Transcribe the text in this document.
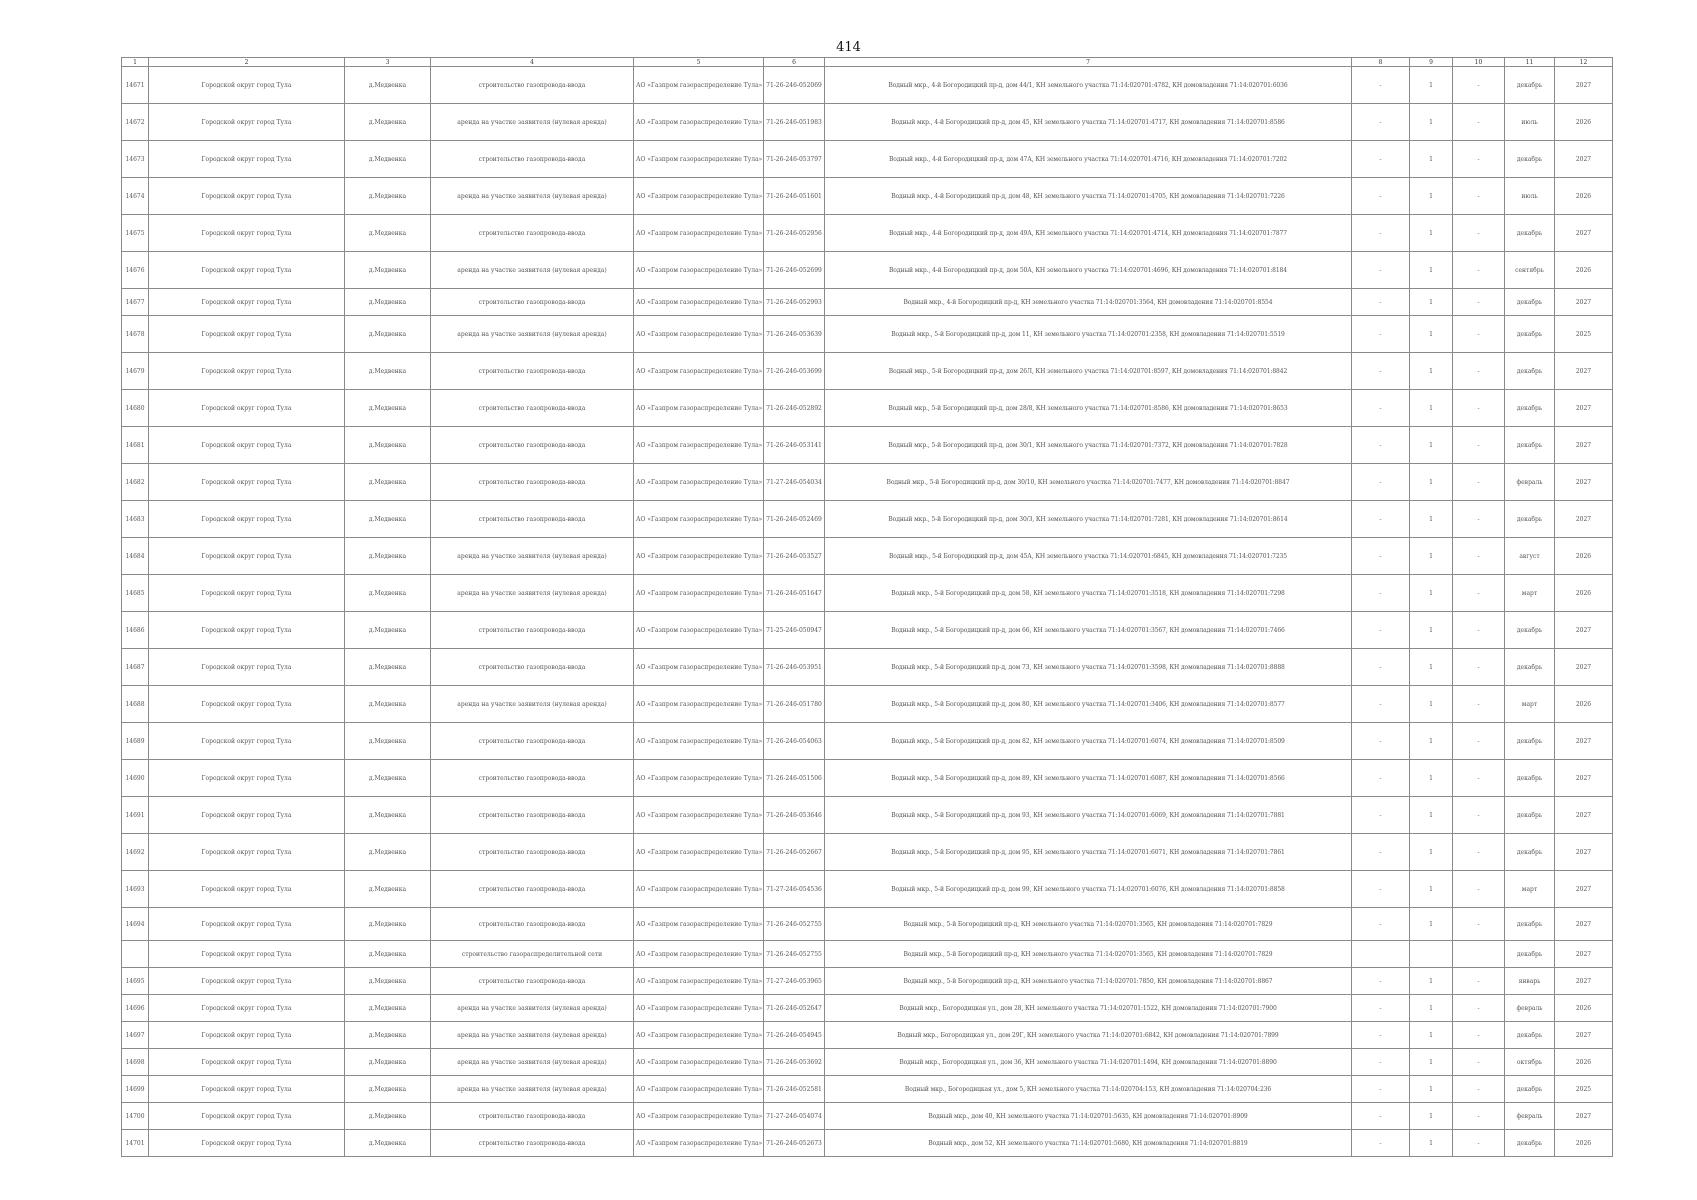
414
1	2	3	4	5	6	7	8	9	10	11	12
14671	Городской округ город Тула	д.Медвенка	строительство газопровода-ввода	АО «Газпром газораспределение Тула»	71-26-246-052069	Водный мкр., 4-й Богородицкий пр-д, дом 44/1, КН земельного участка 71:14:020701:4782, КН домовладения 71:14:020701:6036	-	1	-	декабрь	2027
14672	Городской округ город Тула	д.Медвенка	аренда на участке заявителя (нулевая аренда)	АО «Газпром газораспределение Тула»	71-26-246-051983	Водный мкр., 4-й Богородицкий пр-д, дом 45, КН земельного участка 71:14:020701:4717, КН домовладения 71:14:020701:8586	-	1	-	июль	2026
14673	Городской округ город Тула	д.Медвенка	строительство газопровода-ввода	АО «Газпром газораспределение Тула»	71-26-246-053797	Водный мкр., 4-й Богородицкий пр-д, дом 47А, КН земельного участка 71:14:020701:4716, КН домовладения 71:14:020701:7202	-	1	-	декабрь	2027
14674	Городской округ город Тула	д.Медвенка	аренда на участке заявителя (нулевая аренда)	АО «Газпром газораспределение Тула»	71-26-246-051601	Водный мкр., 4-й Богородицкий пр-д, дом 48, КН земельного участка 71:14:020701:4705, КН домовладения 71:14:020701:7226	-	1	-	июль	2026
14675	Городской округ город Тула	д.Медвенка	строительство газопровода-ввода	АО «Газпром газораспределение Тула»	71-26-246-052956	Водный мкр., 4-й Богородицкий пр-д, дом 49А, КН земельного участка 71:14:020701:4714, КН домовладения 71:14:020701:7877	-	1	-	декабрь	2027
14676	Городской округ город Тула	д.Медвенка	аренда на участке заявителя (нулевая аренда)	АО «Газпром газораспределение Тула»	71-26-246-052699	Водный мкр., 4-й Богородицкий пр-д, дом 50А, КН земельного участка 71:14:020701:4696, КН домовладения 71:14:020701:8184	-	1	-	сентябрь	2026
14677	Городской округ город Тула	д.Медвенка	строительство газопровода-ввода	АО «Газпром газораспределение Тула»	71-26-246-052993	Водный мкр., 4-й Богородицкий пр-д, КН земельного участка 71:14:020701:3564, КН домовладения 71:14:020701:8554	-	1	-	декабрь	2027
14678	Городской округ город Тула	д.Медвенка	аренда на участке заявителя (нулевая аренда)	АО «Газпром газораспределение Тула»	71-26-246-053639	Водный мкр., 5-й Богородицкий пр-д, дом 11, КН земельного участка 71:14:020701:2358, КН домовладения 71:14:020701:5519	-	1	-	декабрь	2025
14679	Городской округ город Тула	д.Медвенка	строительство газопровода-ввода	АО «Газпром газораспределение Тула»	71-26-246-053699	Водный мкр., 5-й Богородицкий пр-д, дом 26Л, КН земельного участка 71:14:020701:8597, КН домовладения 71:14:020701:8842	-	1	-	декабрь	2027
14680	Городской округ город Тула	д.Медвенка	строительство газопровода-ввода	АО «Газпром газораспределение Тула»	71-26-246-052892	Водный мкр., 5-й Богородицкий пр-д, дом 28/8, КН земельного участка 71:14:020701:8586, КН домовладения 71:14:020701:8653	-	1	-	декабрь	2027
14681	Городской округ город Тула	д.Медвенка	строительство газопровода-ввода	АО «Газпром газораспределение Тула»	71-26-246-053141	Водный мкр., 5-й Богородицкий пр-д, дом 30/1, КН земельного участка 71:14:020701:7372, КН домовладения 71:14:020701:7828	-	1	-	декабрь	2027
14682	Городской округ город Тула	д.Медвенка	строительство газопровода-ввода	АО «Газпром газораспределение Тула»	71-27-246-054034	Водный мкр., 5-й Богородицкий пр-д, дом 30/10, КН земельного участка 71:14:020701:7477, КН домовладения 71:14:020701:8847	-	1	-	февраль	2027
14683	Городской округ город Тула	д.Медвенка	строительство газопровода-ввода	АО «Газпром газораспределение Тула»	71-26-246-052469	Водный мкр., 5-й Богородицкий пр-д, дом 30/3, КН земельного участка 71:14:020701:7281, КН домовладения 71:14:020701:8614	-	1	-	декабрь	2027
14684	Городской округ город Тула	д.Медвенка	аренда на участке заявителя (нулевая аренда)	АО «Газпром газораспределение Тула»	71-26-246-053527	Водный мкр., 5-й Богородицкий пр-д, дом 45А, КН земельного участка 71:14:020701:6845, КН домовладения 71:14:020701:7235	-	1	-	август	2026
14685	Городской округ город Тула	д.Медвенка	аренда на участке заявителя (нулевая аренда)	АО «Газпром газораспределение Тула»	71-26-246-051647	Водный мкр., 5-й Богородицкий пр-д, дом 58, КН земельного участка 71:14:020701:3518, КН домовладения 71:14:020701:7298	-	1	-	март	2026
14686	Городской округ город Тула	д.Медвенка	строительство газопровода-ввода	АО «Газпром газораспределение Тула»	71-25-246-050947	Водный мкр., 5-й Богородицкий пр-д, дом 66, КН земельного участка 71:14:020701:3567, КН домовладения 71:14:020701:7466	-	1	-	декабрь	2027
14687	Городской округ город Тула	д.Медвенка	строительство газопровода-ввода	АО «Газпром газораспределение Тула»	71-26-246-053951	Водный мкр., 5-й Богородицкий пр-д, дом 73, КН земельного участка 71:14:020701:3598, КН домовладения 71:14:020701:8888	-	1	-	декабрь	2027
14688	Городской округ город Тула	д.Медвенка	аренда на участке заявителя (нулевая аренда)	АО «Газпром газораспределение Тула»	71-26-246-051780	Водный мкр., 5-й Богородицкий пр-д, дом 80, КН земельного участка 71:14:020701:3406, КН домовладения 71:14:020701:8577	-	1	-	март	2026
14689	Городской округ город Тула	д.Медвенка	строительство газопровода-ввода	АО «Газпром газораспределение Тула»	71-26-246-054063	Водный мкр., 5-й Богородицкий пр-д, дом 82, КН земельного участка 71:14:020701:6074, КН домовладения 71:14:020701:8509	-	1	-	декабрь	2027
14690	Городской округ город Тула	д.Медвенка	строительство газопровода-ввода	АО «Газпром газораспределение Тула»	71-26-246-051506	Водный мкр., 5-й Богородицкий пр-д, дом 89, КН земельного участка 71:14:020701:6087, КН домовладения 71:14:020701:8566	-	1	-	декабрь	2027
14691	Городской округ город Тула	д.Медвенка	строительство газопровода-ввода	АО «Газпром газораспределение Тула»	71-26-246-053646	Водный мкр., 5-й Богородицкий пр-д, дом 93, КН земельного участка 71:14:020701:6069, КН домовладения 71:14:020701:7881	-	1	-	декабрь	2027
14692	Городской округ город Тула	д.Медвенка	строительство газопровода-ввода	АО «Газпром газораспределение Тула»	71-26-246-052667	Водный мкр., 5-й Богородицкий пр-д, дом 95, КН земельного участка 71:14:020701:6071, КН домовладения 71:14:020701:7861	-	1	-	декабрь	2027
14693	Городской округ город Тула	д.Медвенка	строительство газопровода-ввода	АО «Газпром газораспределение Тула»	71-27-246-054536	Водный мкр., 5-й Богородицкий пр-д, дом 99, КН земельного участка 71:14:020701:6076, КН домовладения 71:14:020701:8858	-	1	-	март	2027
14694	Городской округ город Тула	д.Медвенка	строительство газопровода-ввода	АО «Газпром газораспределение Тула»	71-26-246-052755	Водный мкр., 5-й Богородицкий пр-д, КН земельного участка 71:14:020701:3565, КН домовладения 71:14:020701:7829	-	1	-	декабрь	2027
	Городской округ город Тула	д.Медвенка	строительство газораспределительной сети	АО «Газпром газораспределение Тула»	71-26-246-052755	Водный мкр., 5-й Богородицкий пр-д, КН земельного участка 71:14:020701:3565, КН домовладения 71:14:020701:7829				декабрь	2027
14695	Городской округ город Тула	д.Медвенка	строительство газопровода-ввода	АО «Газпром газораспределение Тула»	71-27-246-053965	Водный мкр., 5-й Богородицкий пр-д, КН земельного участка 71:14:020701:7850, КН домовладения 71:14:020701:8867	-	1	-	январь	2027
14696	Городской округ город Тула	д.Медвенка	аренда на участке заявителя (нулевая аренда)	АО «Газпром газораспределение Тула»	71-26-246-052647	Водный мкр., Богородицкая ул., дом 28, КН земельного участка 71:14:020701:1522, КН домовладения 71:14:020701:7900	-	1	-	февраль	2026
14697	Городской округ город Тула	д.Медвенка	аренда на участке заявителя (нулевая аренда)	АО «Газпром газораспределение Тула»	71-26-246-054945	Водный мкр., Богородицкая ул., дом 29Г, КН земельного участка 71:14:020701:6842, КН домовладения 71:14:020701:7899	-	1	-	декабрь	2027
14698	Городской округ город Тула	д.Медвенка	аренда на участке заявителя (нулевая аренда)	АО «Газпром газораспределение Тула»	71-26-246-053692	Водный мкр., Богородицкая ул., дом 36, КН земельного участка 71:14:020701:1494, КН домовладения 71:14:020701:8890	-	1	-	октябрь	2026
14699	Городской округ город Тула	д.Медвенка	аренда на участке заявителя (нулевая аренда)	АО «Газпром газораспределение Тула»	71-26-246-052581	Водный мкр., Богородицкая ул., дом 5, КН земельного участка 71:14:020704:153, КН домовладения 71:14:020704:236	-	1	-	декабрь	2025
14700	Городской округ город Тула	д.Медвенка	строительство газопровода-ввода	АО «Газпром газораспределение Тула»	71-27-246-054074	Водный мкр., дом 40, КН земельного участка 71:14:020701:5635, КН домовладения 71:14:020701:8909	-	1	-	февраль	2027
14701	Городской округ город Тула	д.Медвенка	строительство газопровода-ввода	АО «Газпром газораспределение Тула»	71-26-246-052673	Водный мкр., дом 52, КН земельного участка 71:14:020701:5680, КН домовладения 71:14:020701:8819	-	1	-	декабрь	2026
